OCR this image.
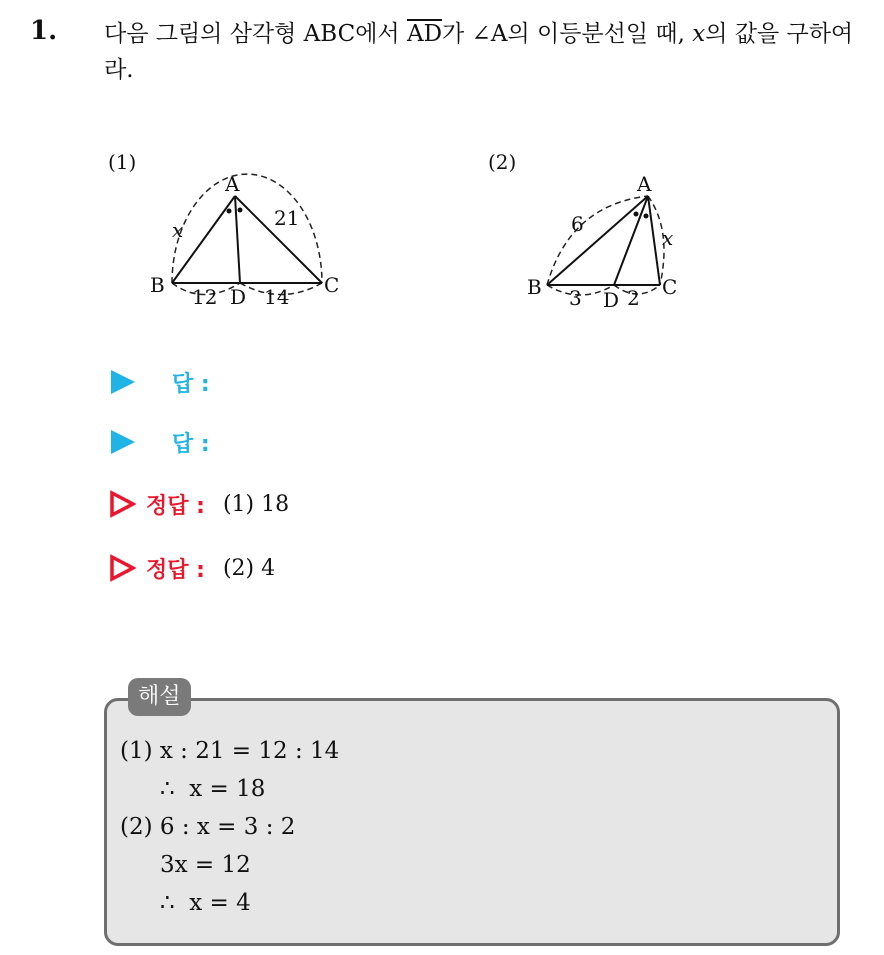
1. 다음 그림의 삼각형 ABC에서 $\overline{AD}$가 ∠A의 이등분선일 때, x의 값을 구하여라.
(1)
A
B	C
D
x	21
12 14
(2)
A
B	C
D
6
x
3 2
답 :
답 :
정답 : (1) 18
정답 : (2) 4
해설
(1) x : 21 = 12 : 14
∴  x = 18
(2) 6 : x = 3 : 2
3x = 12
∴  x = 4
